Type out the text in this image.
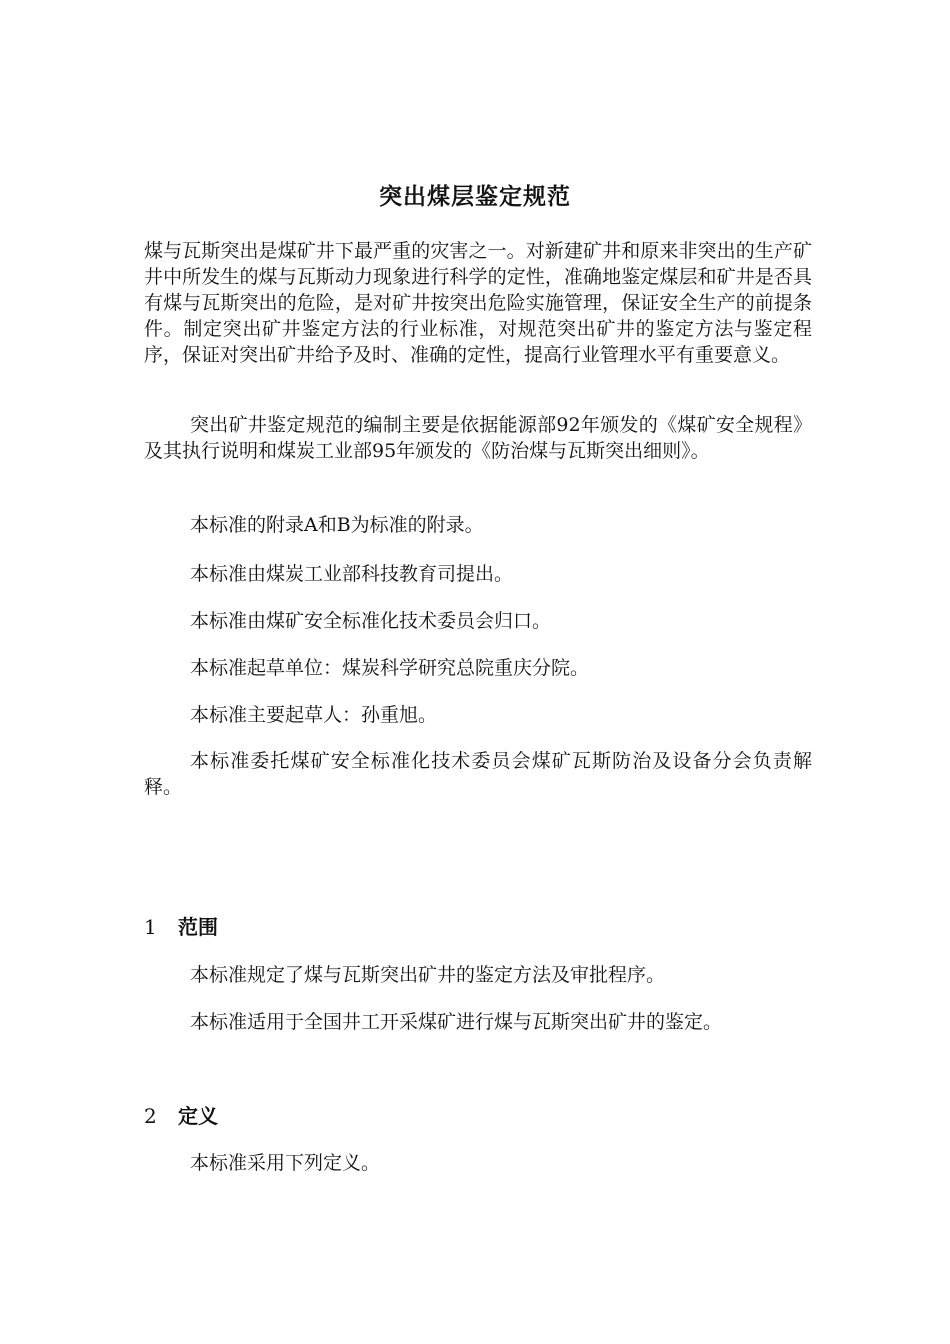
突出煤层鉴定规范

煤与瓦斯突出是煤矿井下最严重的灾害之一。对新建矿井和原来非突出的生产矿井中所发生的煤与瓦斯动力现象进行科学的定性，准确地鉴定煤层和矿井是否具有煤与瓦斯突出的危险，是对矿井按突出危险实施管理，保证安全生产的前提条件。制定突出矿井鉴定方法的行业标准，对规范突出矿井的鉴定方法与鉴定程序，保证对突出矿井给予及时、准确的定性，提高行业管理水平有重要意义。

突出矿井鉴定规范的编制主要是依据能源部92年颁发的《煤矿安全规程》及其执行说明和煤炭工业部95年颁发的《防治煤与瓦斯突出细则》。

本标准的附录A和B为标准的附录。

本标准由煤炭工业部科技教育司提出。

本标准由煤矿安全标准化技术委员会归口。

本标准起草单位：煤炭科学研究总院重庆分院。

本标准主要起草人：孙重旭。

本标准委托煤矿安全标准化技术委员会煤矿瓦斯防治及设备分会负责解释。

1 范围

本标准规定了煤与瓦斯突出矿井的鉴定方法及审批程序。

本标准适用于全国井工开采煤矿进行煤与瓦斯突出矿井的鉴定。

2 定义

本标准采用下列定义。
